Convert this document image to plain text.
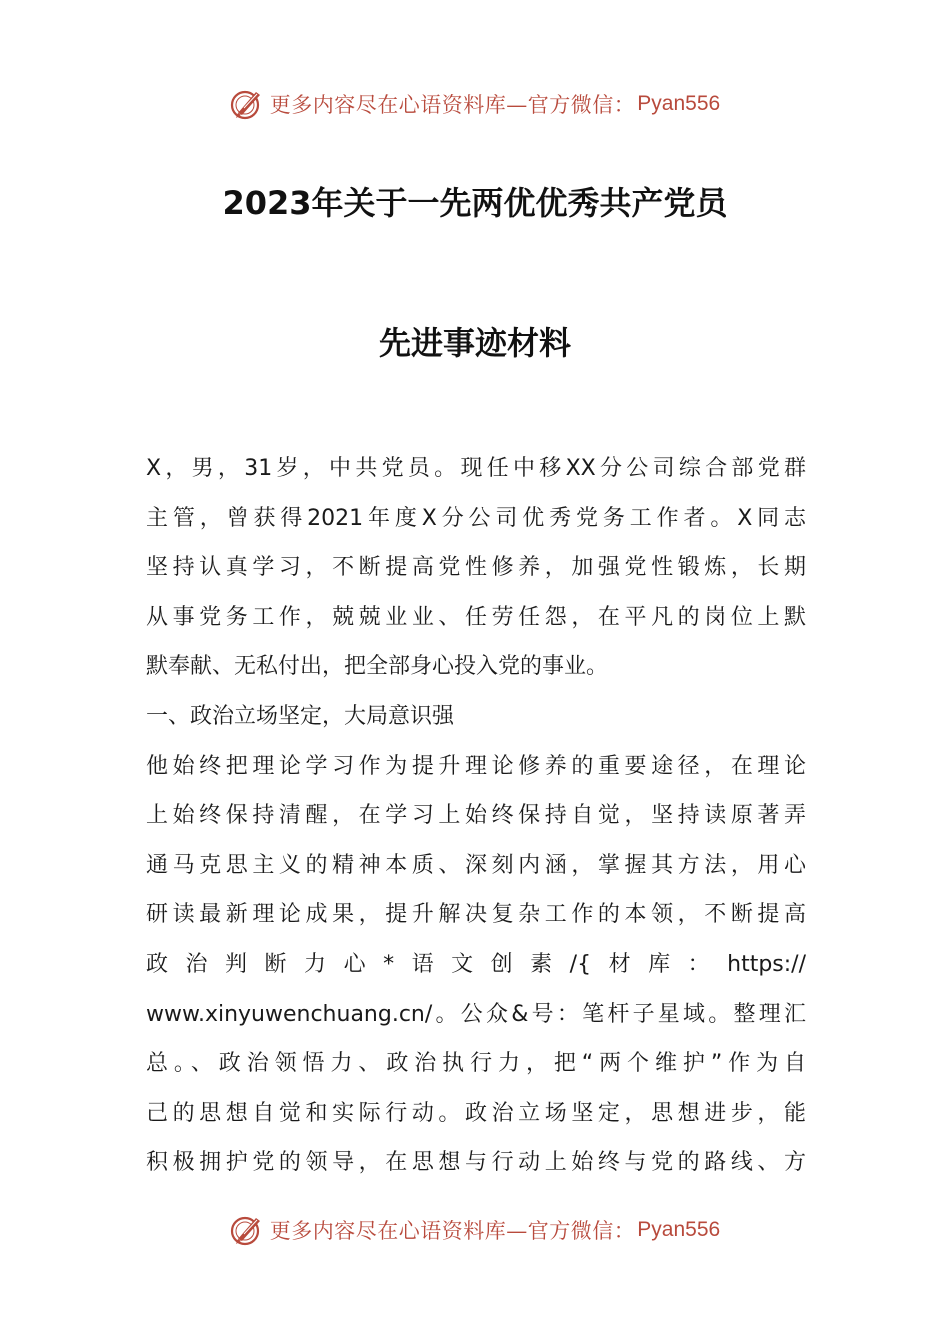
更多内容尽在心语资料库—官方微信： Pyan556
2023年关于一先两优优秀共产党员
先进事迹材料
X，男，31岁，中共党员。现任中移XX分公司综合部党群
主管，曾获得2021年度X分公司优秀党务工作者。X同志
坚持认真学习，不断提高党性修养，加强党性锻炼，长期
从事党务工作，兢兢业业、任劳任怨，在平凡的岗位上默
默奉献、无私付出，把全部身心投入党的事业。
一、政治立场坚定，大局意识强
他始终把理论学习作为提升理论修养的重要途径，在理论
上始终保持清醒，在学习上始终保持自觉，坚持读原著弄
通马克思主义的精神本质、深刻内涵，掌握其方法，用心
研读最新理论成果，提升解决复杂工作的本领，不断提高
政治判断力心*语文创素/{材库：https://
www.xinyuwenchuang.cn/。公众&号：笔杆子星域。整理汇
总。、政治领悟力、政治执行力，把“两个维护”作为自
己的思想自觉和实际行动。政治立场坚定，思想进步，能
积极拥护党的领导，在思想与行动上始终与党的路线、方
更多内容尽在心语资料库—官方微信： Pyan556
